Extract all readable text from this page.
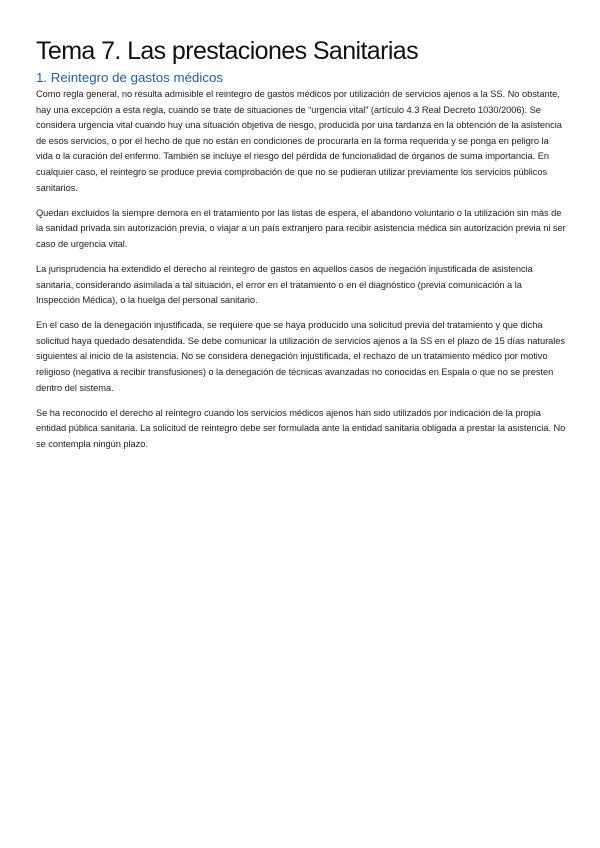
Tema 7. Las prestaciones Sanitarias
1. Reintegro de gastos médicos

Como regla general, no resulta admisible el reintegro de gastos médicos por utilización de servicios ajenos a la SS. No obstante, hay una excepción a esta regla, cuando se trate de situaciones de “urgencia vital” (artículo 4.3 Real Decreto 1030/2006). Se considera urgencia vital cuando huy una situación objetiva de riesgo, producida por una tardanza en la obtención de la asistencia de esos servicios, o por el hecho de que no están en condiciones de procurarla en la forma requerida y se ponga en peligro la vida o la curación del enfermo. También se incluye el riesgo del pérdida de funcionalidad de órganos de suma importancia. En cualquier caso, el reintegro se produce previa comprobación de que no se pudieran utilizar previamente los servicios públicos sanitarios.

Quedan excluidos la siempre demora en el tratamiento por las listas de espera, el abandono voluntario o la utilización sin más de la sanidad privada sin autorización previa, o viajar a un país extranjero para recibir asistencia médica sin autorización previa ni ser caso de urgencia vital.

La jurisprudencia ha extendido el derecho al reintegro de gastos en aquellos casos de negación injustificada de asistencia sanitaria, considerando asimilada a tal situación, el error en el tratamiento o en el diagnóstico (previa comunicación a la Inspección Médica), o la huelga del personal sanitario.

En el caso de la denegación injustificada, se requiere que se haya producido una solicitud previa del tratamiento y que dicha solicitud haya quedado desatendida. Se debe comunicar la utilización de servicios ajenos a la SS en el plazo de 15 días naturales siguientes al inicio de la asistencia. No se considera denegación injustificada, el rechazo de un tratamiento médico por motivo religioso (negativa a recibir transfusiones) o la denegación de técnicas avanzadas no conocidas en Espala o que no se presten dentro del sistema.

Se ha reconocido el derecho al reintegro cuando los servicios médicos ajenos han sido utilizados por indicación de la propia entidad pública sanitaria. La solicitud de reintegro debe ser formulada ante la entidad sanitaria obligada a prestar la asistencia. No se contempla ningún plazo.
